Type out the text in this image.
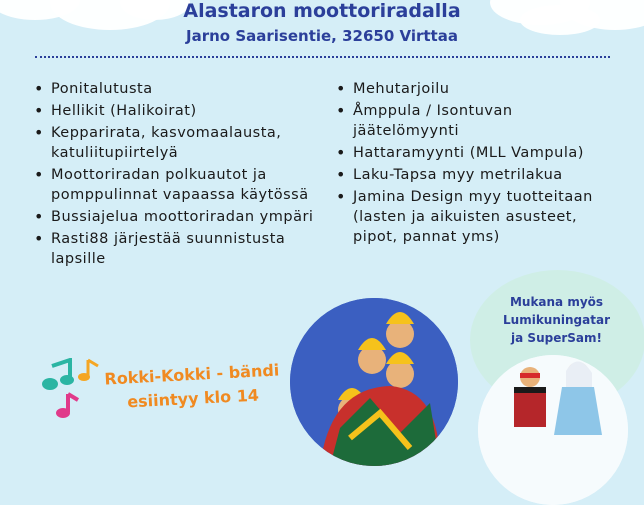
Alastaron moottoriradalla
Jarno Saarisentie, 32650 Virttaa
• Ponitalutusta
• Hellikit (Halikoirat)
• Kepparirata, kasvomaalausta, katuliitupiirtelyä
• Moottoriradan polkuautot ja pomppulinnat vapaassa käytössä
• Bussiajelua moottoriradan ympäri
• Rasti88 järjestää suunnistusta lapsille
• Mehutarjoilu
• Åmppula / Isontuvan jäätelömyynti
• Hattaramyynti (MLL Vampula)
• Laku-Tapsa myy metrilakua
• Jamina Design myy tuotteitaan (lasten ja aikuisten asusteet, pipot, pannat yms)
Rokki-Kokki - bändi
esiintyy klo 14
Mukana myös
Lumikuningatar
ja SuperSam!
